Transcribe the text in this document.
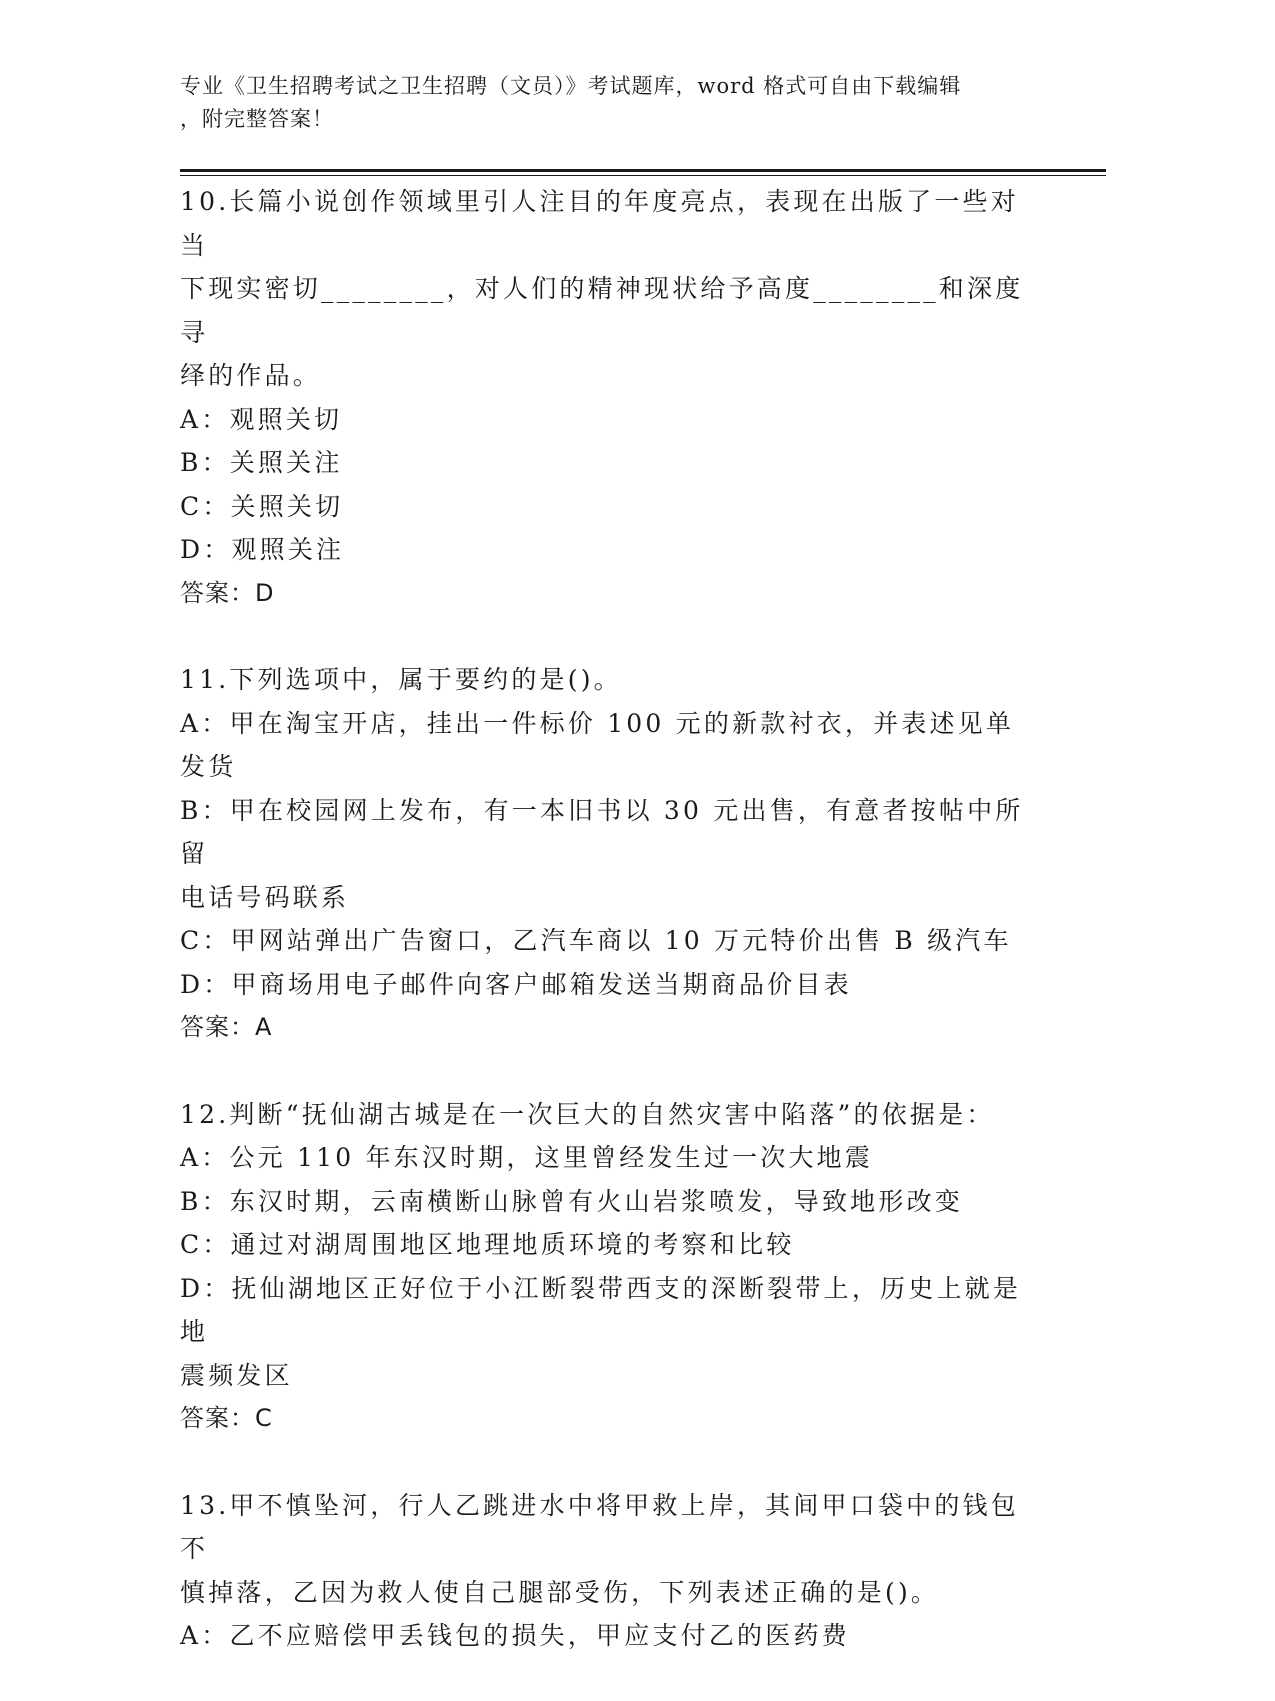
专业《卫生招聘考试之卫生招聘（文员）》考试题库，word 格式可自由下载编辑
，附完整答案！
10.长篇小说创作领域里引人注目的年度亮点，表现在出版了一些对当
下现实密切________，对人们的精神现状给予高度________和深度寻
绎的作品。
A：观照关切
B：关照关注
C：关照关切
D：观照关注
答案：D
11.下列选项中，属于要约的是()。
A：甲在淘宝开店，挂出一件标价 100 元的新款衬衣，并表述见单发货
B：甲在校园网上发布，有一本旧书以 30 元出售，有意者按帖中所留
电话号码联系
C：甲网站弹出广告窗口，乙汽车商以 10 万元特价出售 B 级汽车
D：甲商场用电子邮件向客户邮箱发送当期商品价目表
答案：A
12.判断“抚仙湖古城是在一次巨大的自然灾害中陷落”的依据是：
A：公元 110 年东汉时期，这里曾经发生过一次大地震
B：东汉时期，云南横断山脉曾有火山岩浆喷发，导致地形改变
C：通过对湖周围地区地理地质环境的考察和比较
D：抚仙湖地区正好位于小江断裂带西支的深断裂带上，历史上就是地
震频发区
答案：C
13.甲不慎坠河，行人乙跳进水中将甲救上岸，其间甲口袋中的钱包不
慎掉落，乙因为救人使自己腿部受伤，下列表述正确的是()。
A：乙不应赔偿甲丢钱包的损失，甲应支付乙的医药费
